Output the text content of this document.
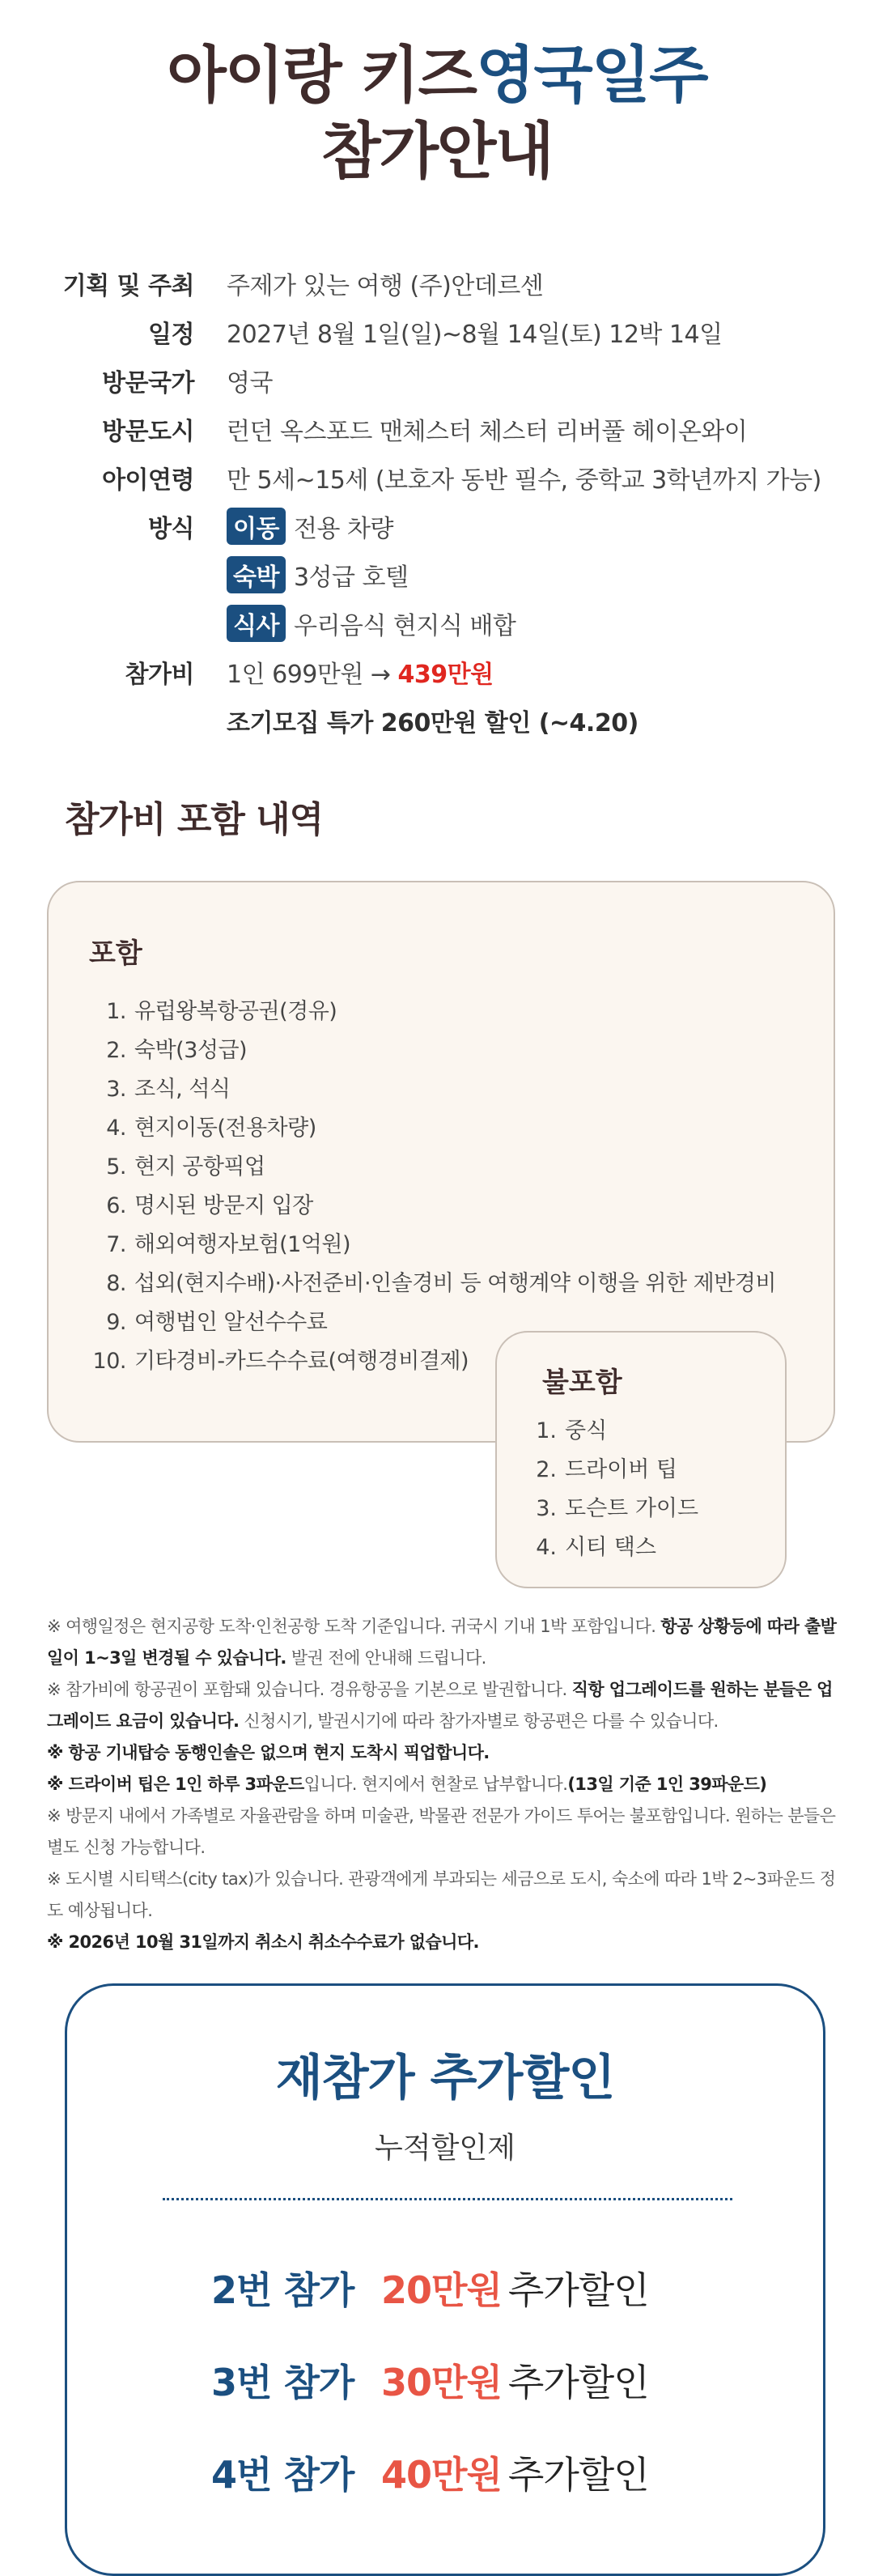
아이랑 키즈영국일주
참가안내
기획 및 주최 주제가 있는 여행 (주)안데르센
일정 2027년 8월 1일(일)~8월 14일(토) 12박 14일
방문국가 영국
방문도시 런던 옥스포드 맨체스터 체스터 리버풀 헤이온와이
아이연령 만 5세~15세 (보호자 동반 필수, 중학교 3학년까지 가능)
방식 이동 전용 차량
숙박 3성급 호텔
식사 우리음식 현지식 배합
참가비 1인 699만원 → 439만원
조기모집 특가 260만원 할인 (~4.20)
참가비 포함 내역
포함
1. 유럽왕복항공권(경유)
2. 숙박(3성급)
3. 조식, 석식
4. 현지이동(전용차량)
5. 현지 공항픽업
6. 명시된 방문지 입장
7. 해외여행자보험(1억원)
8. 섭외(현지수배)·사전준비·인솔경비 등 여행계약 이행을 위한 제반경비
9. 여행법인 알선수수료
10. 기타경비-카드수수료(여행경비결제)
불포함
1. 중식
2. 드라이버 팁
3. 도슨트 가이드
4. 시티 택스

※ 여행일정은 현지공항 도착·인천공항 도착 기준입니다. 귀국시 기내 1박 포함입니다. 항공 상황등에 따라 출발일이 1~3일 변경될 수 있습니다. 발권 전에 안내해 드립니다.

※ 참가비에 항공권이 포함돼 있습니다. 경유항공을 기본으로 발권합니다. 직항 업그레이드를 원하는 분들은 업그레이드 요금이 있습니다. 신청시기, 발권시기에 따라 참가자별로 항공편은 다를 수 있습니다.

※ 항공 기내탑승 동행인솔은 없으며 현지 도착시 픽업합니다.

※ 드라이버 팁은 1인 하루 3파운드입니다. 현지에서 현찰로 납부합니다.(13일 기준 1인 39파운드)

※ 방문지 내에서 가족별로 자율관람을 하며 미술관, 박물관 전문가 가이드 투어는 불포함입니다. 원하는 분들은 별도 신청 가능합니다.

※ 도시별 시티택스(city tax)가 있습니다. 관광객에게 부과되는 세금으로 도시, 숙소에 따라 1박 2~3파운드 정도 예상됩니다.

※ 2026년 10월 31일까지 취소시 취소수수료가 없습니다.

재참가 추가할인
누적할인제
2번 참가 20만원 추가할인
3번 참가 30만원 추가할인
4번 참가 40만원 추가할인
